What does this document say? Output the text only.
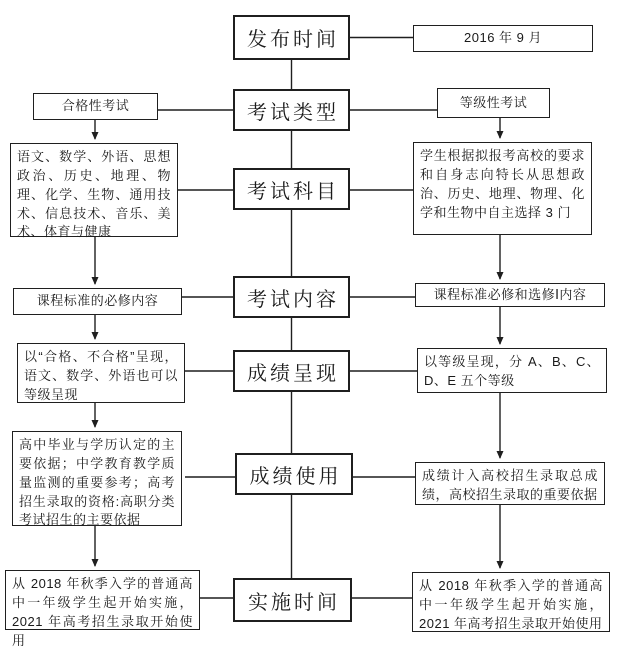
发布时间
考试类型
考试科目
考试内容
成绩呈现
成绩使用
实施时间
2016 年 9 月
合格性考试
语文、数学、外语、思想政治、历史、地理、物理、化学、生物、通用技术、信息技术、音乐、美术、体育与健康
课程标准的必修内容
以“合格、不合格”呈现，语文、数学、外语也可以等级呈现
高中毕业与学历认定的主要依据；中学教育教学质量监测的重要参考；高考招生录取的资格:高职分类考试招生的主要依据
从 2018 年秋季入学的普通高中一年级学生起开始实施，2021 年高考招生录取开始使用
等级性考试
学生根据拟报考高校的要求和自身志向特长从思想政治、历史、地理、物理、化学和生物中自主选择 3 门
课程标准必修和选修Ⅰ内容
以等级呈现，分 A、B、C、D、E 五个等级
成绩计入高校招生录取总成绩，高校招生录取的重要依据
从 2018 年秋季入学的普通高中一年级学生起开始实施，2021 年高考招生录取开始使用
